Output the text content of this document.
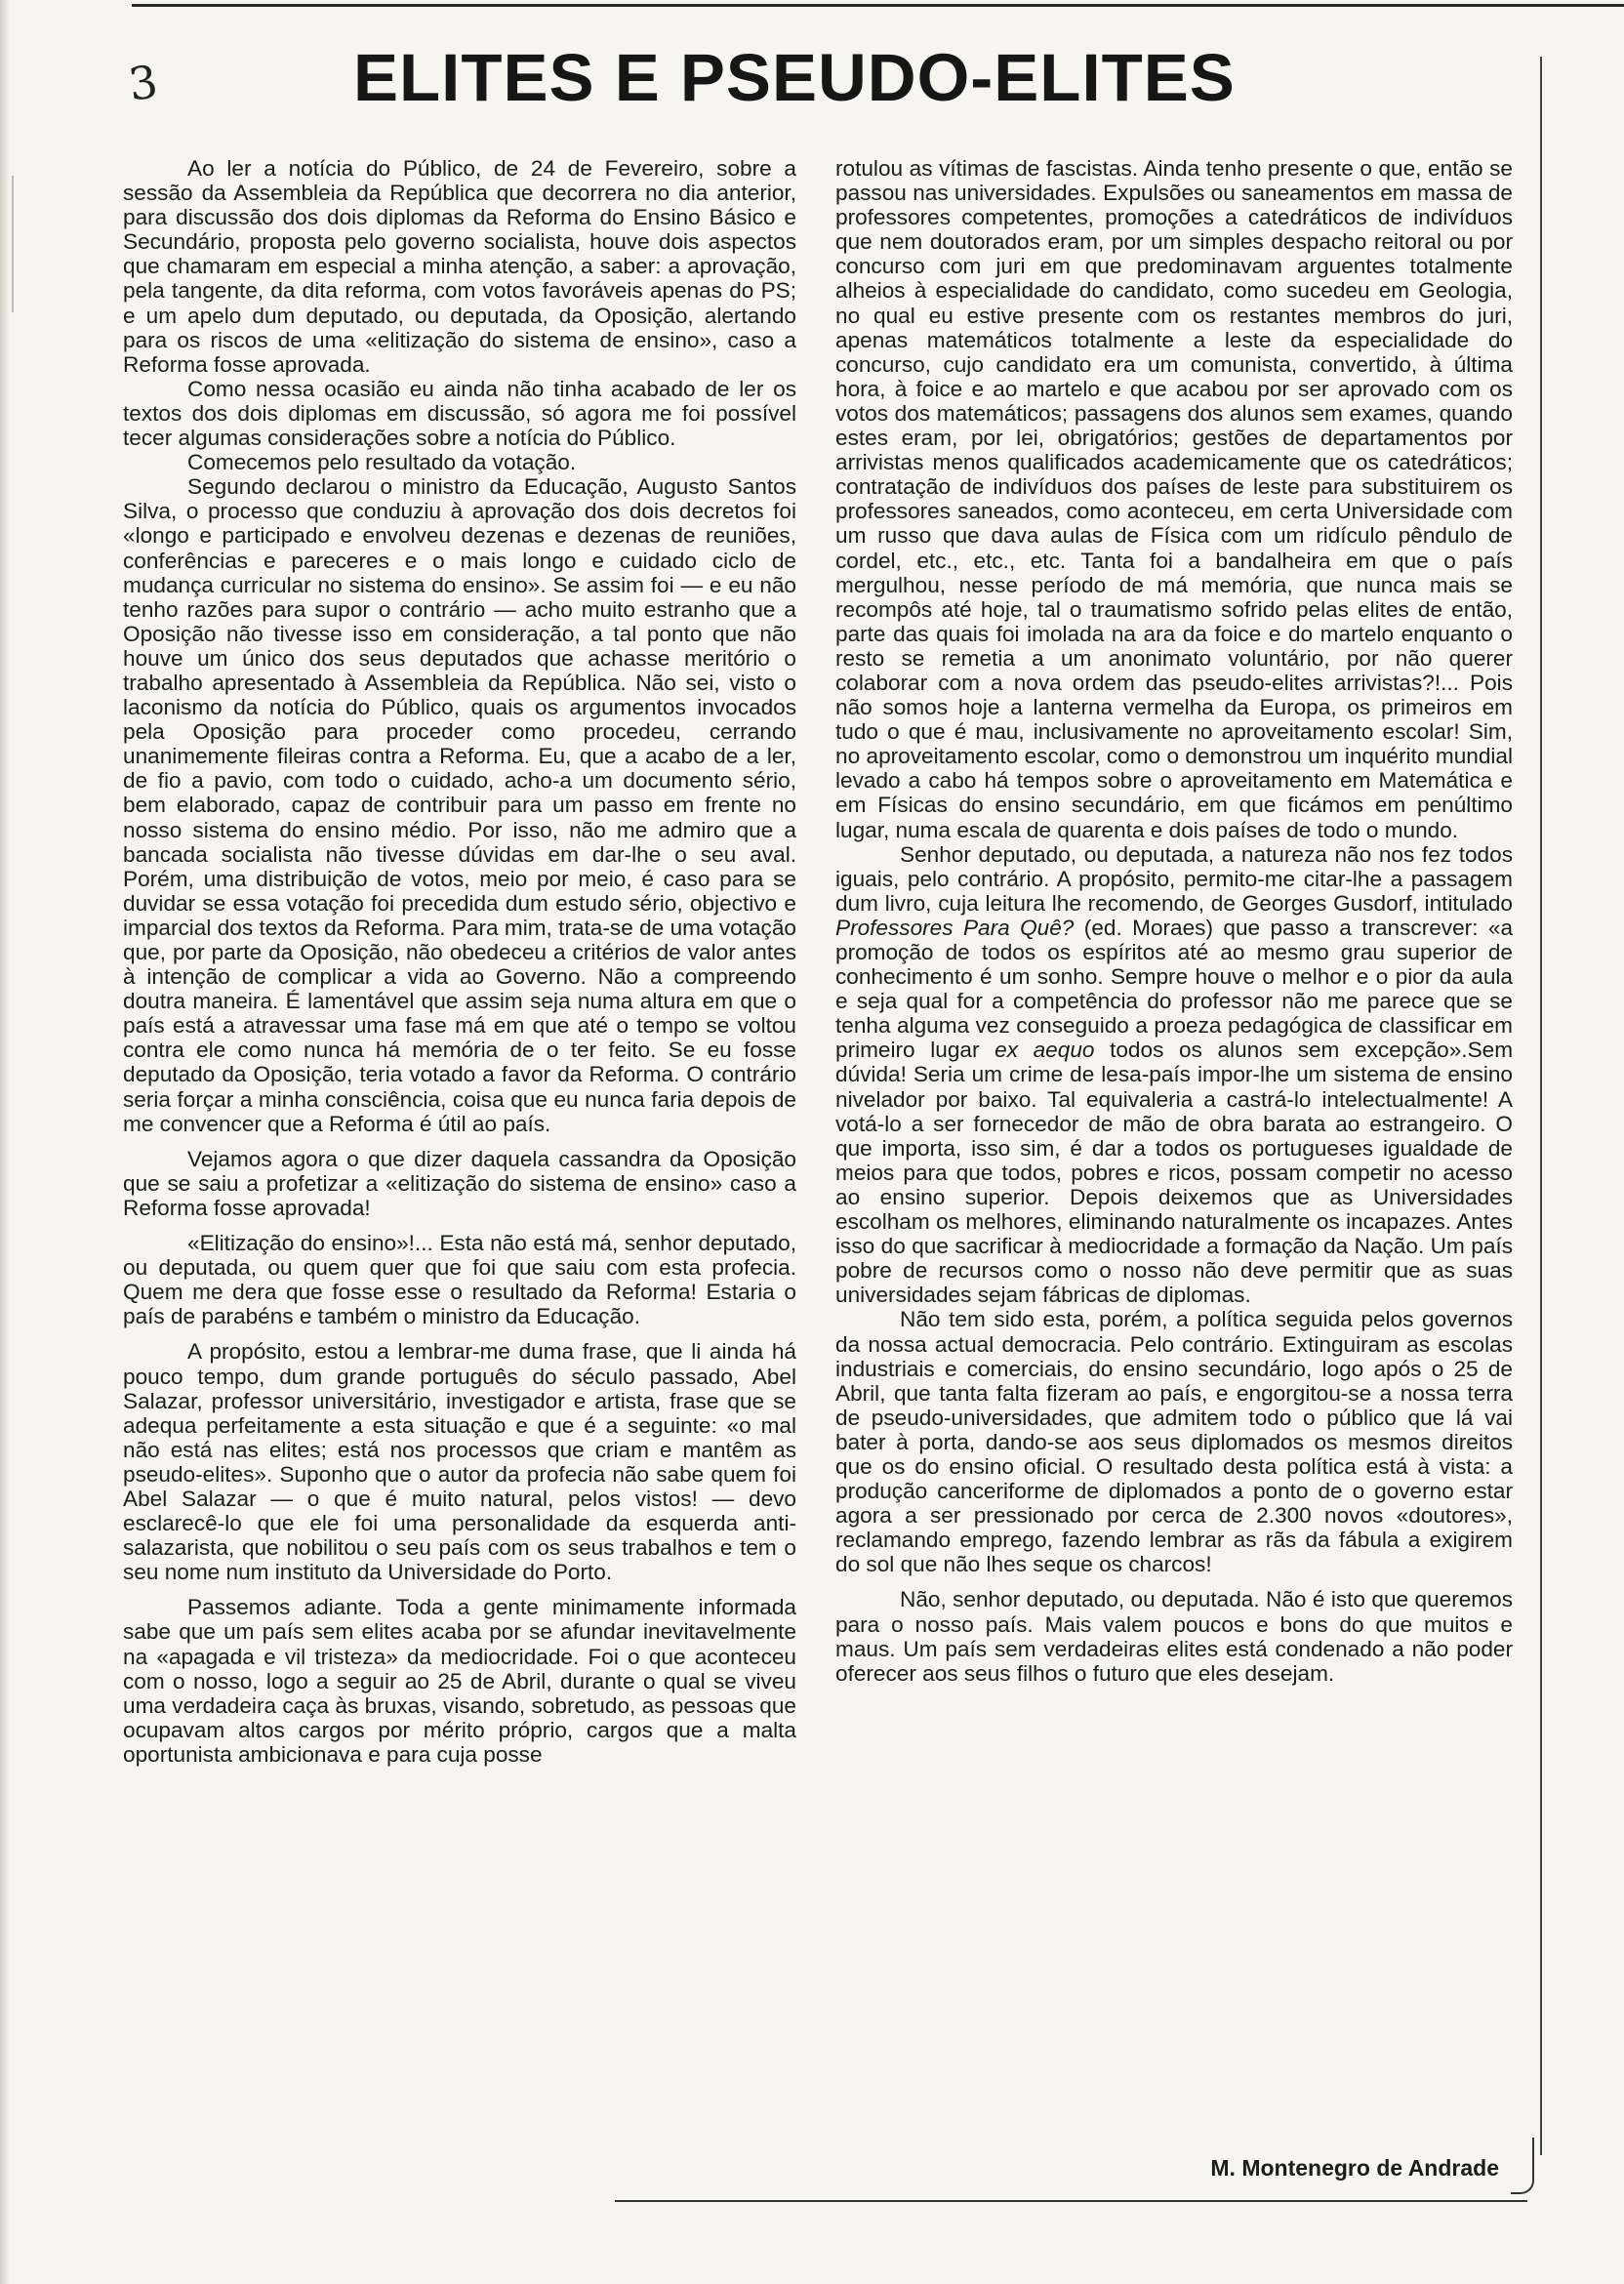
3	ELITES E PSEUDO-ELITES

Ao ler a notícia do Público, de 24 de Fevereiro, sobre a sessão da Assembleia da República que decorrera no dia anterior, para discussão dos dois diplomas da Reforma do Ensino Básico e Secundário, proposta pelo governo socialista, houve dois aspectos que chamaram em especial a minha atenção, a saber: a aprovação, pela tangente, da dita reforma, com votos favoráveis apenas do PS; e um apelo dum deputado, ou deputada, da Oposição, alertando para os riscos de uma «elitização do sistema de ensino», caso a Reforma fosse aprovada.

Como nessa ocasião eu ainda não tinha acabado de ler os textos dos dois diplomas em discussão, só agora me foi possível tecer algumas considerações sobre a notícia do Público.

Comecemos pelo resultado da votação.

Segundo declarou o ministro da Educação, Augusto Santos Silva, o processo que conduziu à aprovação dos dois decretos foi «longo e participado e envolveu dezenas e dezenas de reuniões, conferências e pareceres e o mais longo e cuidado ciclo de mudança curricular no sistema do ensino». Se assim foi — e eu não tenho razões para supor o contrário — acho muito estranho que a Oposição não tivesse isso em consideração, a tal ponto que não houve um único dos seus deputados que achasse meritório o trabalho apresentado à Assembleia da República. Não sei, visto o laconismo da notícia do Público, quais os argumentos invocados pela Oposição para proceder como procedeu, cerrando unanimemente fileiras contra a Reforma. Eu, que a acabo de a ler, de fio a pavio, com todo o cuidado, acho-a um documento sério, bem elaborado, capaz de contribuir para um passo em frente no nosso sistema do ensino médio. Por isso, não me admiro que a bancada socialista não tivesse dúvidas em dar-lhe o seu aval. Porém, uma distribuição de votos, meio por meio, é caso para se duvidar se essa votação foi precedida dum estudo sério, objectivo e imparcial dos textos da Reforma. Para mim, trata-se de uma votação que, por parte da Oposição, não obedeceu a critérios de valor antes à intenção de complicar a vida ao Governo. Não a compreendo doutra maneira. É lamentável que assim seja numa altura em que o país está a atravessar uma fase má em que até o tempo se voltou contra ele como nunca há memória de o ter feito. Se eu fosse deputado da Oposição, teria votado a favor da Reforma. O contrário seria forçar a minha consciência, coisa que eu nunca faria depois de me convencer que a Reforma é útil ao país.

Vejamos agora o que dizer daquela cassandra da Oposição que se saiu a profetizar a «elitização do sistema de ensino» caso a Reforma fosse aprovada!

«Elitização do ensino»!... Esta não está má, senhor deputado, ou deputada, ou quem quer que foi que saiu com esta profecia. Quem me dera que fosse esse o resultado da Reforma! Estaria o país de parabéns e também o ministro da Educação.

A propósito, estou a lembrar-me duma frase, que li ainda há pouco tempo, dum grande português do século passado, Abel Salazar, professor universitário, investigador e artista, frase que se adequa perfeitamente a esta situação e que é a seguinte: «o mal não está nas elites; está nos processos que criam e mantêm as pseudo-elites». Suponho que o autor da profecia não sabe quem foi Abel Salazar — o que é muito natural, pelos vistos! — devo esclarecê-lo que ele foi uma personalidade da esquerda anti-salazarista, que nobilitou o seu país com os seus trabalhos e tem o seu nome num instituto da Universidade do Porto.

Passemos adiante. Toda a gente minimamente informada sabe que um país sem elites acaba por se afundar inevitavelmente na «apagada e vil tristeza» da mediocridade. Foi o que aconteceu com o nosso, logo a seguir ao 25 de Abril, durante o qual se viveu uma verdadeira caça às bruxas, visando, sobretudo, as pessoas que ocupavam altos cargos por mérito próprio, cargos que a malta oportunista ambicionava e para cuja posse

rotulou as vítimas de fascistas. Ainda tenho presente o que, então se passou nas universidades. Expulsões ou saneamentos em massa de professores competentes, promoções a catedráticos de indivíduos que nem doutorados eram, por um simples despacho reitoral ou por concurso com juri em que predominavam arguentes totalmente alheios à especialidade do candidato, como sucedeu em Geologia, no qual eu estive presente com os restantes membros do juri, apenas matemáticos totalmente a leste da especialidade do concurso, cujo candidato era um comunista, convertido, à última hora, à foice e ao martelo e que acabou por ser aprovado com os votos dos matemáticos; passagens dos alunos sem exames, quando estes eram, por lei, obrigatórios; gestões de departamentos por arrivistas menos qualificados academicamente que os catedráticos; contratação de indivíduos dos países de leste para substituirem os professores saneados, como aconteceu, em certa Universidade com um russo que dava aulas de Física com um ridículo pêndulo de cordel, etc., etc., etc. Tanta foi a bandalheira em que o país mergulhou, nesse período de má memória, que nunca mais se recompôs até hoje, tal o traumatismo sofrido pelas elites de então, parte das quais foi imolada na ara da foice e do martelo enquanto o resto se remetia a um anonimato voluntário, por não querer colaborar com a nova ordem das pseudo-elites arrivistas?!... Pois não somos hoje a lanterna vermelha da Europa, os primeiros em tudo o que é mau, inclusivamente no aproveitamento escolar! Sim, no aproveitamento escolar, como o demonstrou um inquérito mundial levado a cabo há tempos sobre o aproveitamento em Matemática e em Físicas do ensino secundário, em que ficámos em penúltimo lugar, numa escala de quarenta e dois países de todo o mundo.

Senhor deputado, ou deputada, a natureza não nos fez todos iguais, pelo contrário. A propósito, permito-me citar-lhe a passagem dum livro, cuja leitura lhe recomendo, de Georges Gusdorf, intitulado Professores Para Quê? (ed. Moraes) que passo a transcrever: «a promoção de todos os espíritos até ao mesmo grau superior de conhecimento é um sonho. Sempre houve o melhor e o pior da aula e seja qual for a competência do professor não me parece que se tenha alguma vez conseguido a proeza pedagógica de classificar em primeiro lugar ex aequo todos os alunos sem excepção».Sem dúvida! Seria um crime de lesa-país impor-lhe um sistema de ensino nivelador por baixo. Tal equivaleria a castrá-lo intelectualmente! A votá-lo a ser fornecedor de mão de obra barata ao estrangeiro. O que importa, isso sim, é dar a todos os portugueses igualdade de meios para que todos, pobres e ricos, possam competir no acesso ao ensino superior. Depois deixemos que as Universidades escolham os melhores, eliminando naturalmente os incapazes. Antes isso do que sacrificar à mediocridade a formação da Nação. Um país pobre de recursos como o nosso não deve permitir que as suas universidades sejam fábricas de diplomas.

Não tem sido esta, porém, a política seguida pelos governos da nossa actual democracia. Pelo contrário. Extinguiram as escolas industriais e comerciais, do ensino secundário, logo após o 25 de Abril, que tanta falta fizeram ao país, e engorgitou-se a nossa terra de pseudo-universidades, que admitem todo o público que lá vai bater à porta, dando-se aos seus diplomados os mesmos direitos que os do ensino oficial. O resultado desta política está à vista: a produção canceriforme de diplomados a ponto de o governo estar agora a ser pressionado por cerca de 2.300 novos «doutores», reclamando emprego, fazendo lembrar as rãs da fábula a exigirem do sol que não lhes seque os charcos!

Não, senhor deputado, ou deputada. Não é isto que queremos para o nosso país. Mais valem poucos e bons do que muitos e maus. Um país sem verdadeiras elites está condenado a não poder oferecer aos seus filhos o futuro que eles desejam.

M. Montenegro de Andrade
